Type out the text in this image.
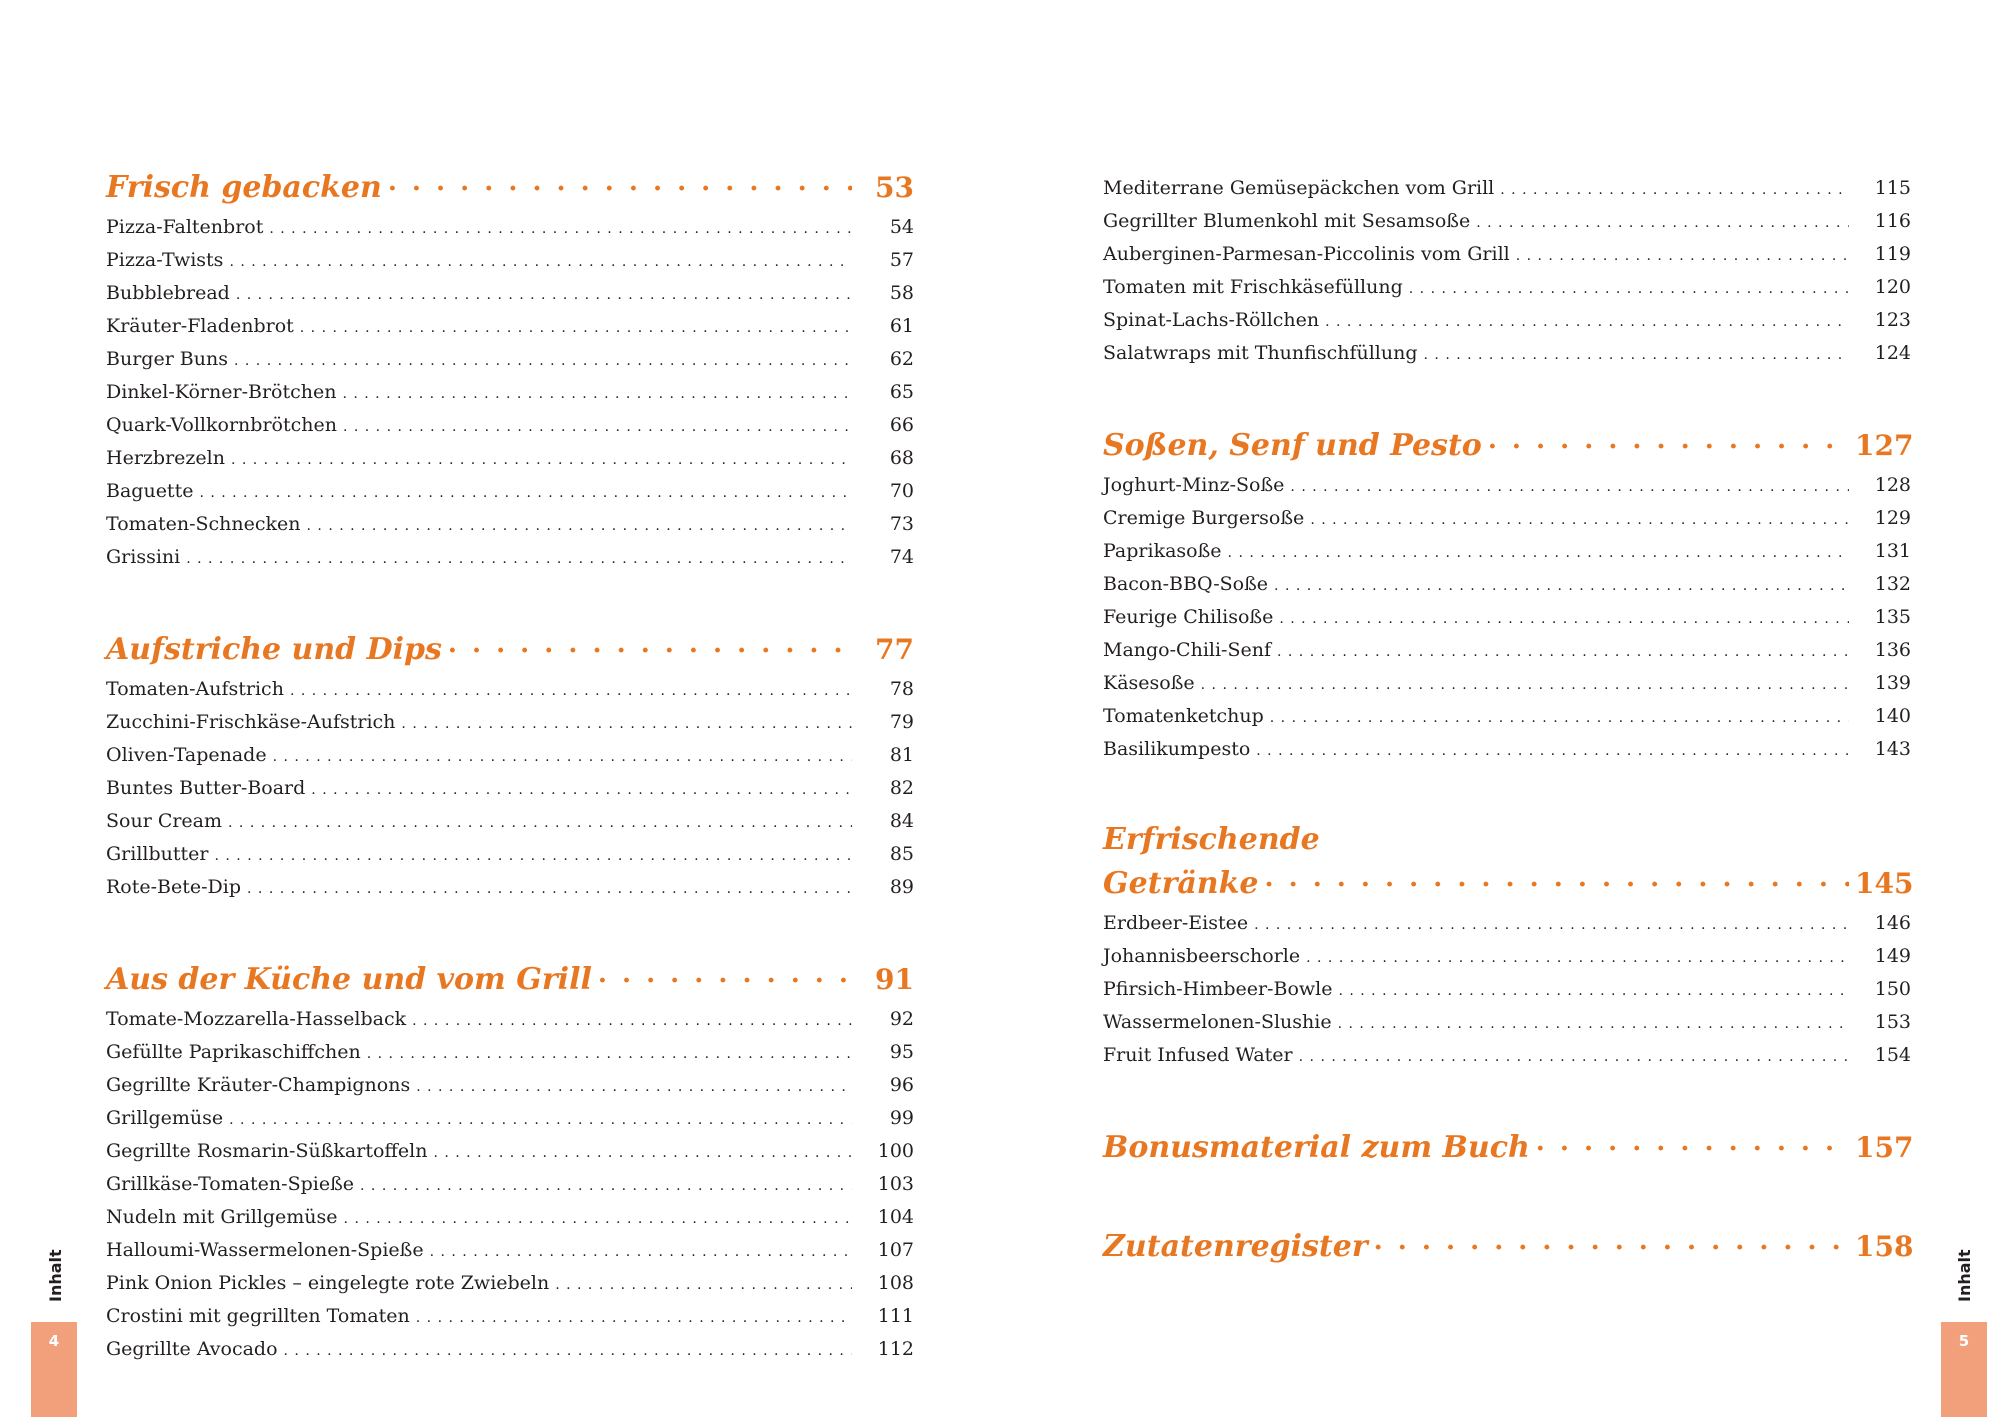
Frisch gebacken · · ·	53
Pizza-Faltenbrot . . .	54
Pizza-Twists . . .	57
Bubblebread . . .	58
Kräuter-Fladenbrot . . .	61
Burger Buns . . .	62
Dinkel-Körner-Brötchen . . .	65
Quark-Vollkornbrötchen . . .	66
Herzbrezeln . . .	68
Baguette . . .	70
Tomaten-Schnecken . . .	73
Grissini . . .	74
Aufstriche und Dips · · ·	77
Tomaten-Aufstrich . . .	78
Zucchini-Frischkäse-Aufstrich . . .	79
Oliven-Tapenade . . .	81
Buntes Butter-Board . . .	82
Sour Cream . . .	84
Grillbutter . . .	85
Rote-Bete-Dip . . .	89
Aus der Küche und vom Grill · · ·	91
Tomate-Mozzarella-Hasselback . . .	92
Gefüllte Paprikaschiffchen . . .	95
Gegrillte Kräuter-Champignons . . .	96
Grillgemüse . . .	99
Gegrillte Rosmarin-Süßkartoffeln . . .	100
Grillkäse-Tomaten-Spieße . . .	103
Nudeln mit Grillgemüse . . .	104
Halloumi-Wassermelonen-Spieße . . .	107
Pink Onion Pickles – eingelegte rote Zwiebeln . . .	108
Crostini mit gegrillten Tomaten . . .	111
Gegrillte Avocado . . .	112
Mediterrane Gemüsepäckchen vom Grill . . .	115
Gegrillter Blumenkohl mit Sesamsoße . . .	116
Auberginen-Parmesan-Piccolinis vom Grill . . .	119
Tomaten mit Frischkäsefüllung . . .	120
Spinat-Lachs-Röllchen . . .	123
Salatwraps mit Thunfischfüllung . . .	124
Soßen, Senf und Pesto · · ·	127
Joghurt-Minz-Soße . . .	128
Cremige Burgersoße . . .	129
Paprikasoße . . .	131
Bacon-BBQ-Soße . . .	132
Feurige Chilisoße . . .	135
Mango-Chili-Senf . . .	136
Käsesoße . . .	139
Tomatenketchup . . .	140
Basilikumpesto . . .	143
Erfrischende
Getränke · · ·	145
Erdbeer-Eistee . . .	146
Johannisbeerschorle . . .	149
Pfirsich-Himbeer-Bowle . . .	150
Wassermelonen-Slushie . . .	153
Fruit Infused Water . . .	154
Bonusmaterial zum Buch · · ·	157
Zutatenregister · · ·	158
Inhalt
4
Inhalt
5
